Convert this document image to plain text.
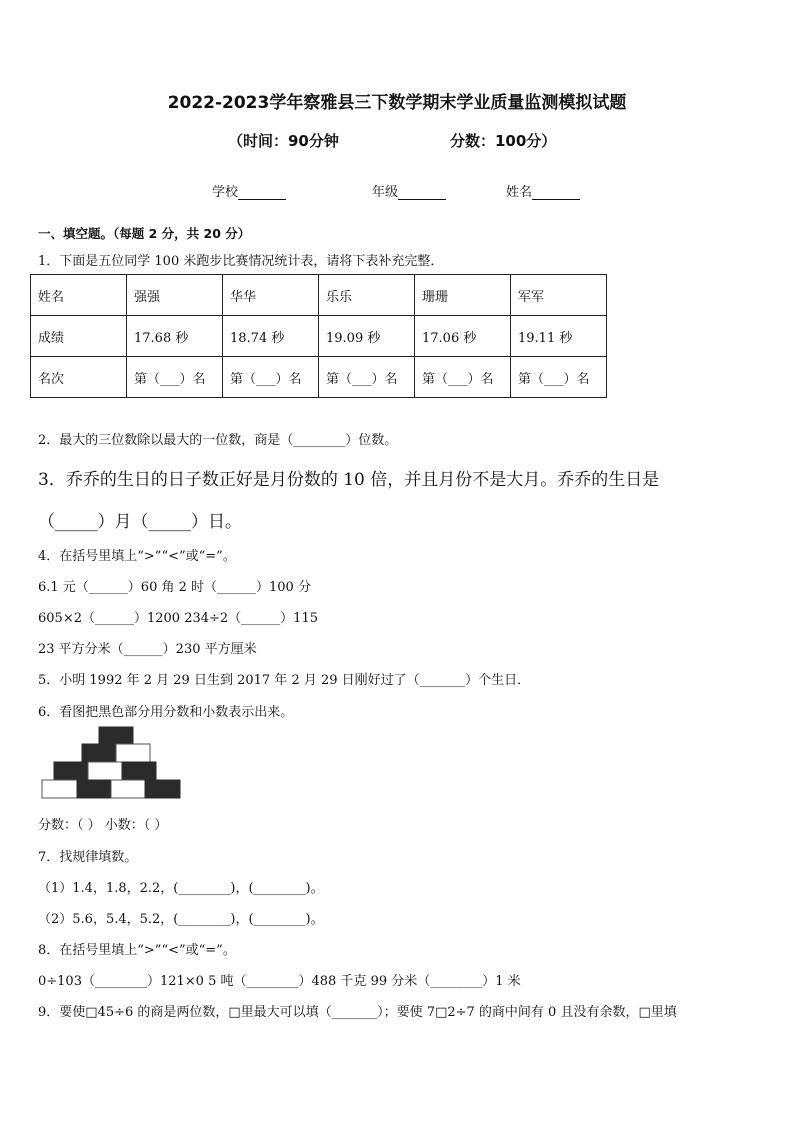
2022-2023学年察雅县三下数学期末学业质量监测模拟试题
（时间：90分钟	分数：100分）
学校	年级	姓名
一、填空题。（每题 2 分，共 20 分）
1．下面是五位同学 100 米跑步比赛情况统计表，请将下表补充完整．
姓名	强强	华华	乐乐	珊珊	军军
成绩	17.68 秒	18.74 秒	19.09 秒	17.06 秒	19.11 秒
名次	第（___）名	第（___）名	第（___）名	第（___）名	第（___）名
2．最大的三位数除以最大的一位数，商是（________）位数。
3．乔乔的生日的日子数正好是月份数的 10 倍，并且月份不是大月。乔乔的生日是
（_____）月（_____）日。
4．在括号里填上“>”“<”或“=”。
6.1 元（______）60 角 2 时（______）100 分
605×2（______）1200 234÷2（______）115
23 平方分米（______）230 平方厘米
5．小明 1992 年 2 月 29 日生到 2017 年 2 月 29 日刚好过了（_______）个生日．
6．看图把黑色部分用分数和小数表示出来。
分数：（ ） 小数：（ ）
7．找规律填数。
（1）1.4，1.8，2.2，(________)，(________)。
（2）5.6，5.4，5.2，(________)，(________)。
8．在括号里填上“>”“<”或“=”。
0÷103（________）121×0 5 吨（________）488 千克 99 分米（________）1 米
9．要使□45÷6 的商是两位数，□里最大可以填（_______）；要使 7□2÷7 的商中间有 0 且没有余数，□里填
